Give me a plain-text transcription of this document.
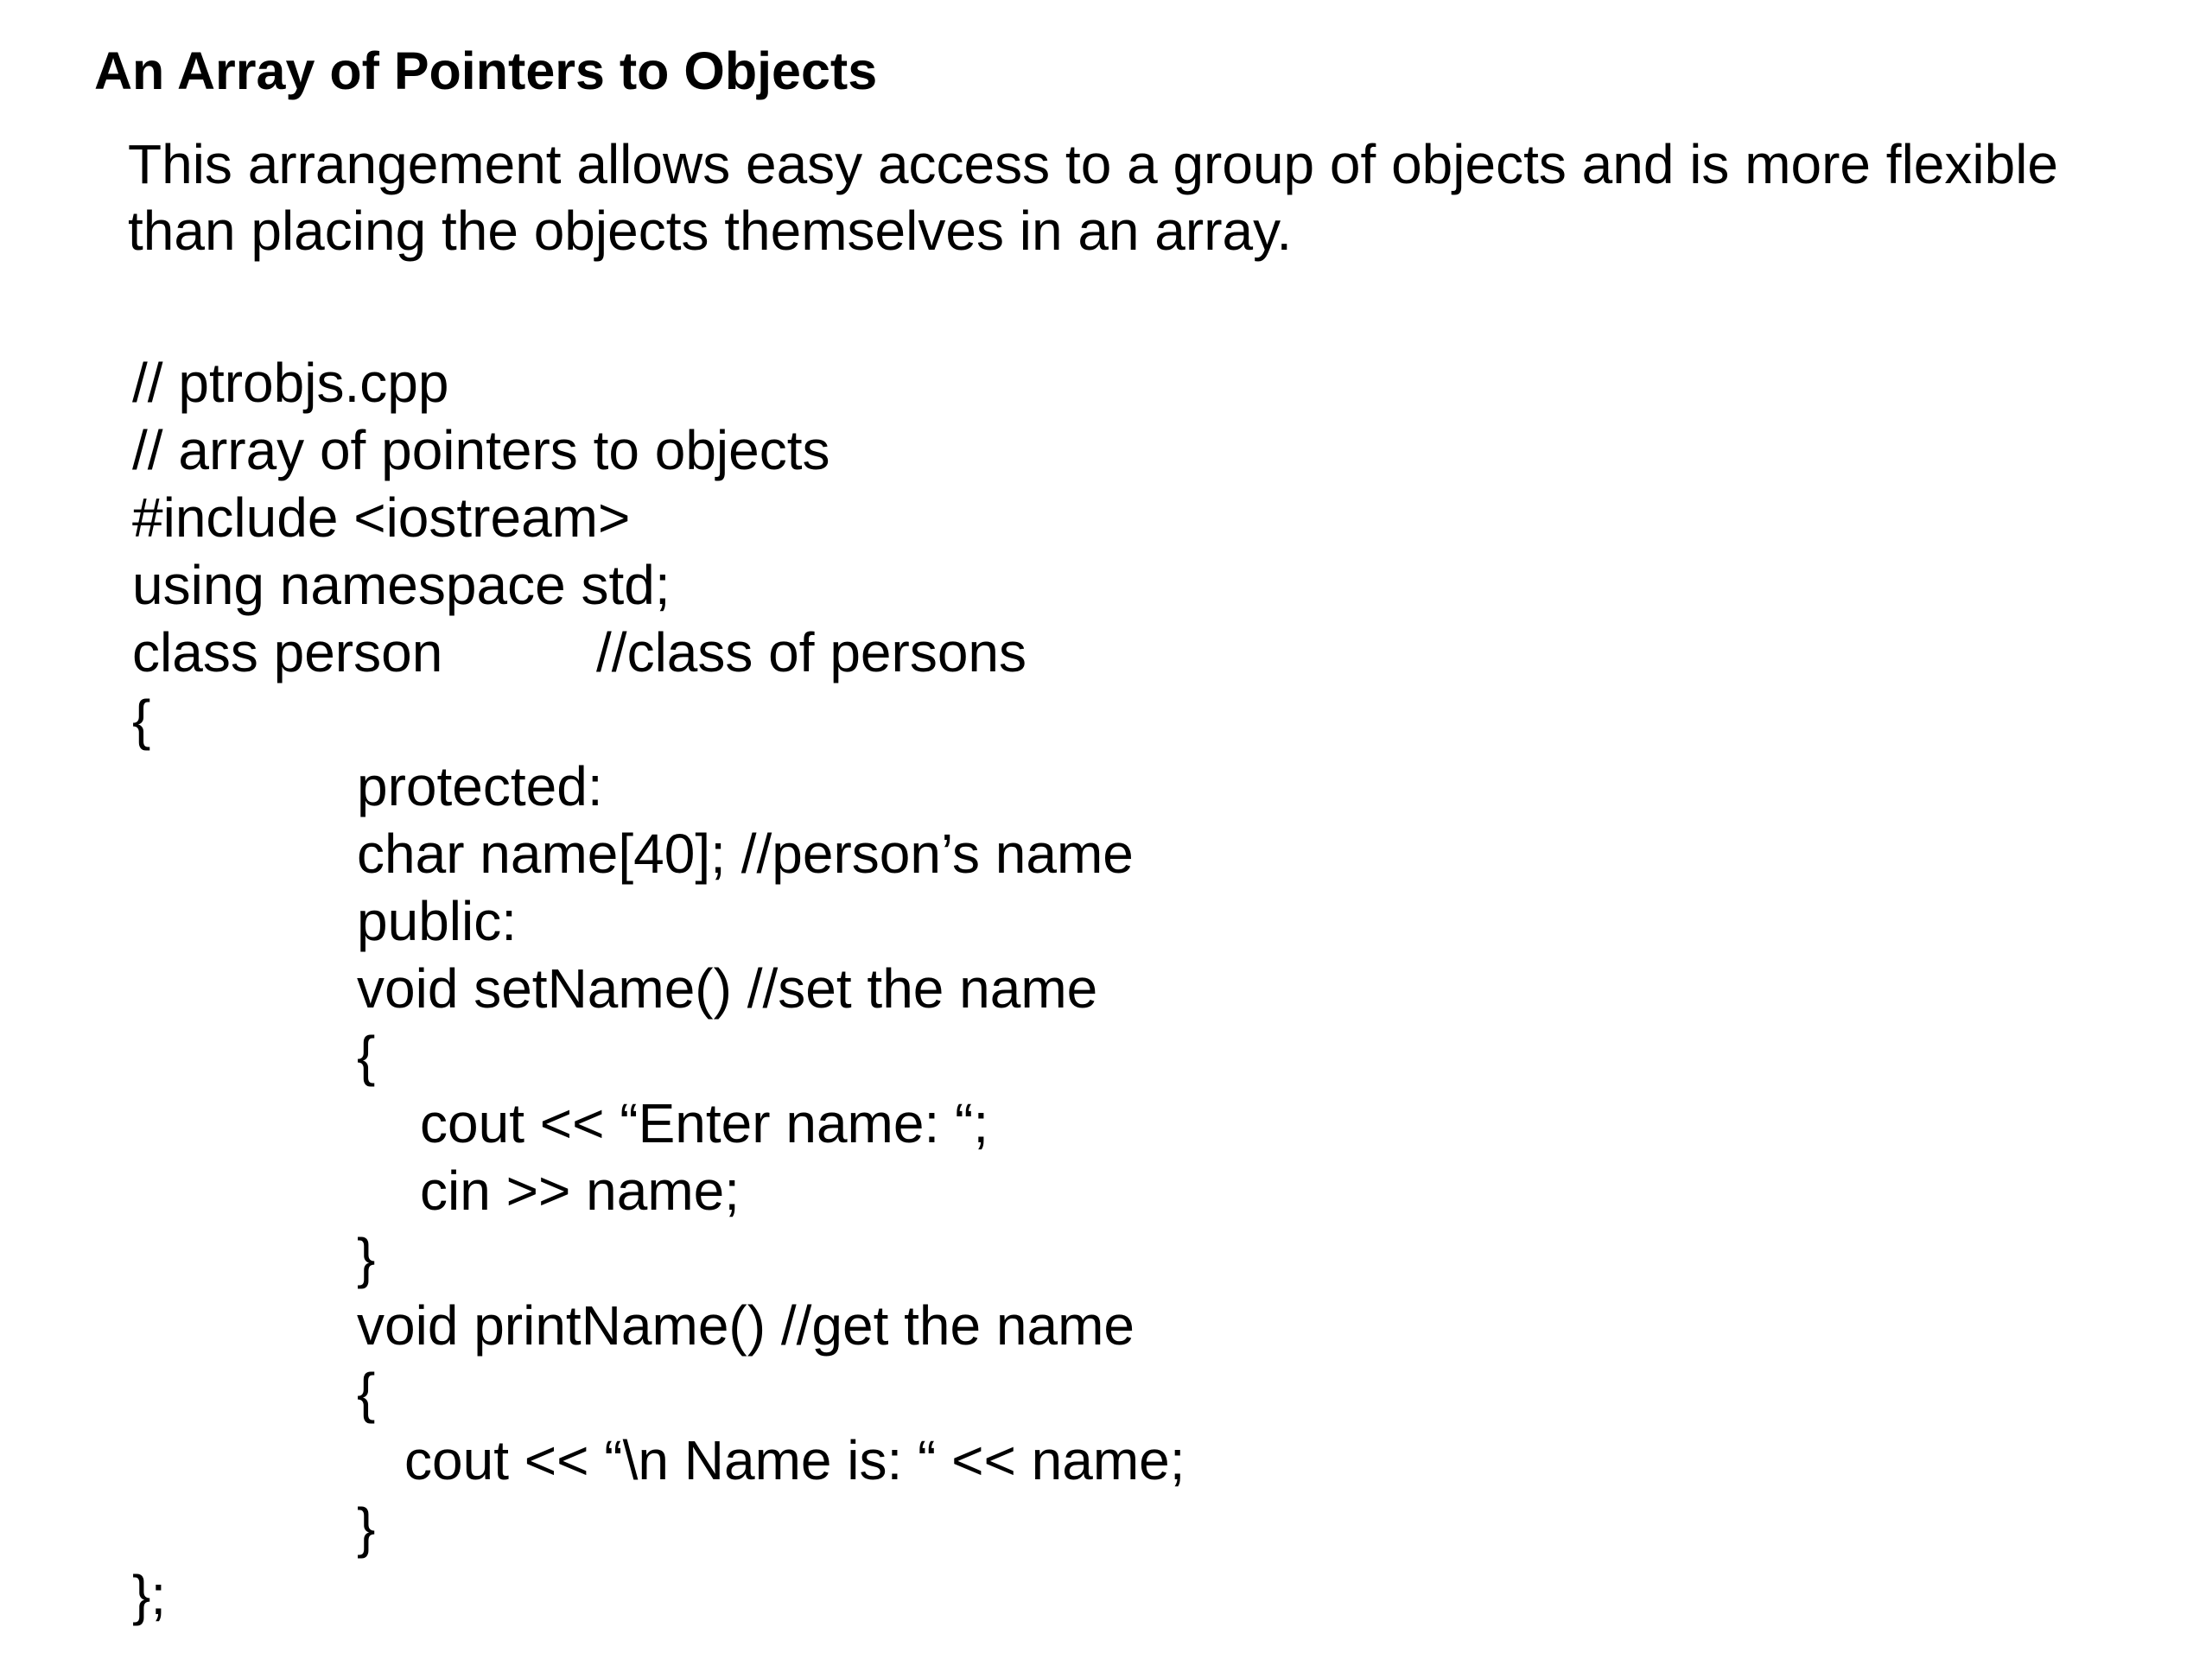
An Array of Pointers to Objects
This arrangement allows easy access to a group of objects and is more flexible
than placing the objects themselves in an array.
// ptrobjs.cpp
// array of pointers to objects
#include <iostream>
using namespace std;
class person	//class of persons
{
protected:
char name[40]; //person’s name
public:
void setName() //set the name
{
cout << “Enter name: “;
cin >> name;
}
void printName() //get the name
{
cout << “\n Name is: “ << name;
}
};
